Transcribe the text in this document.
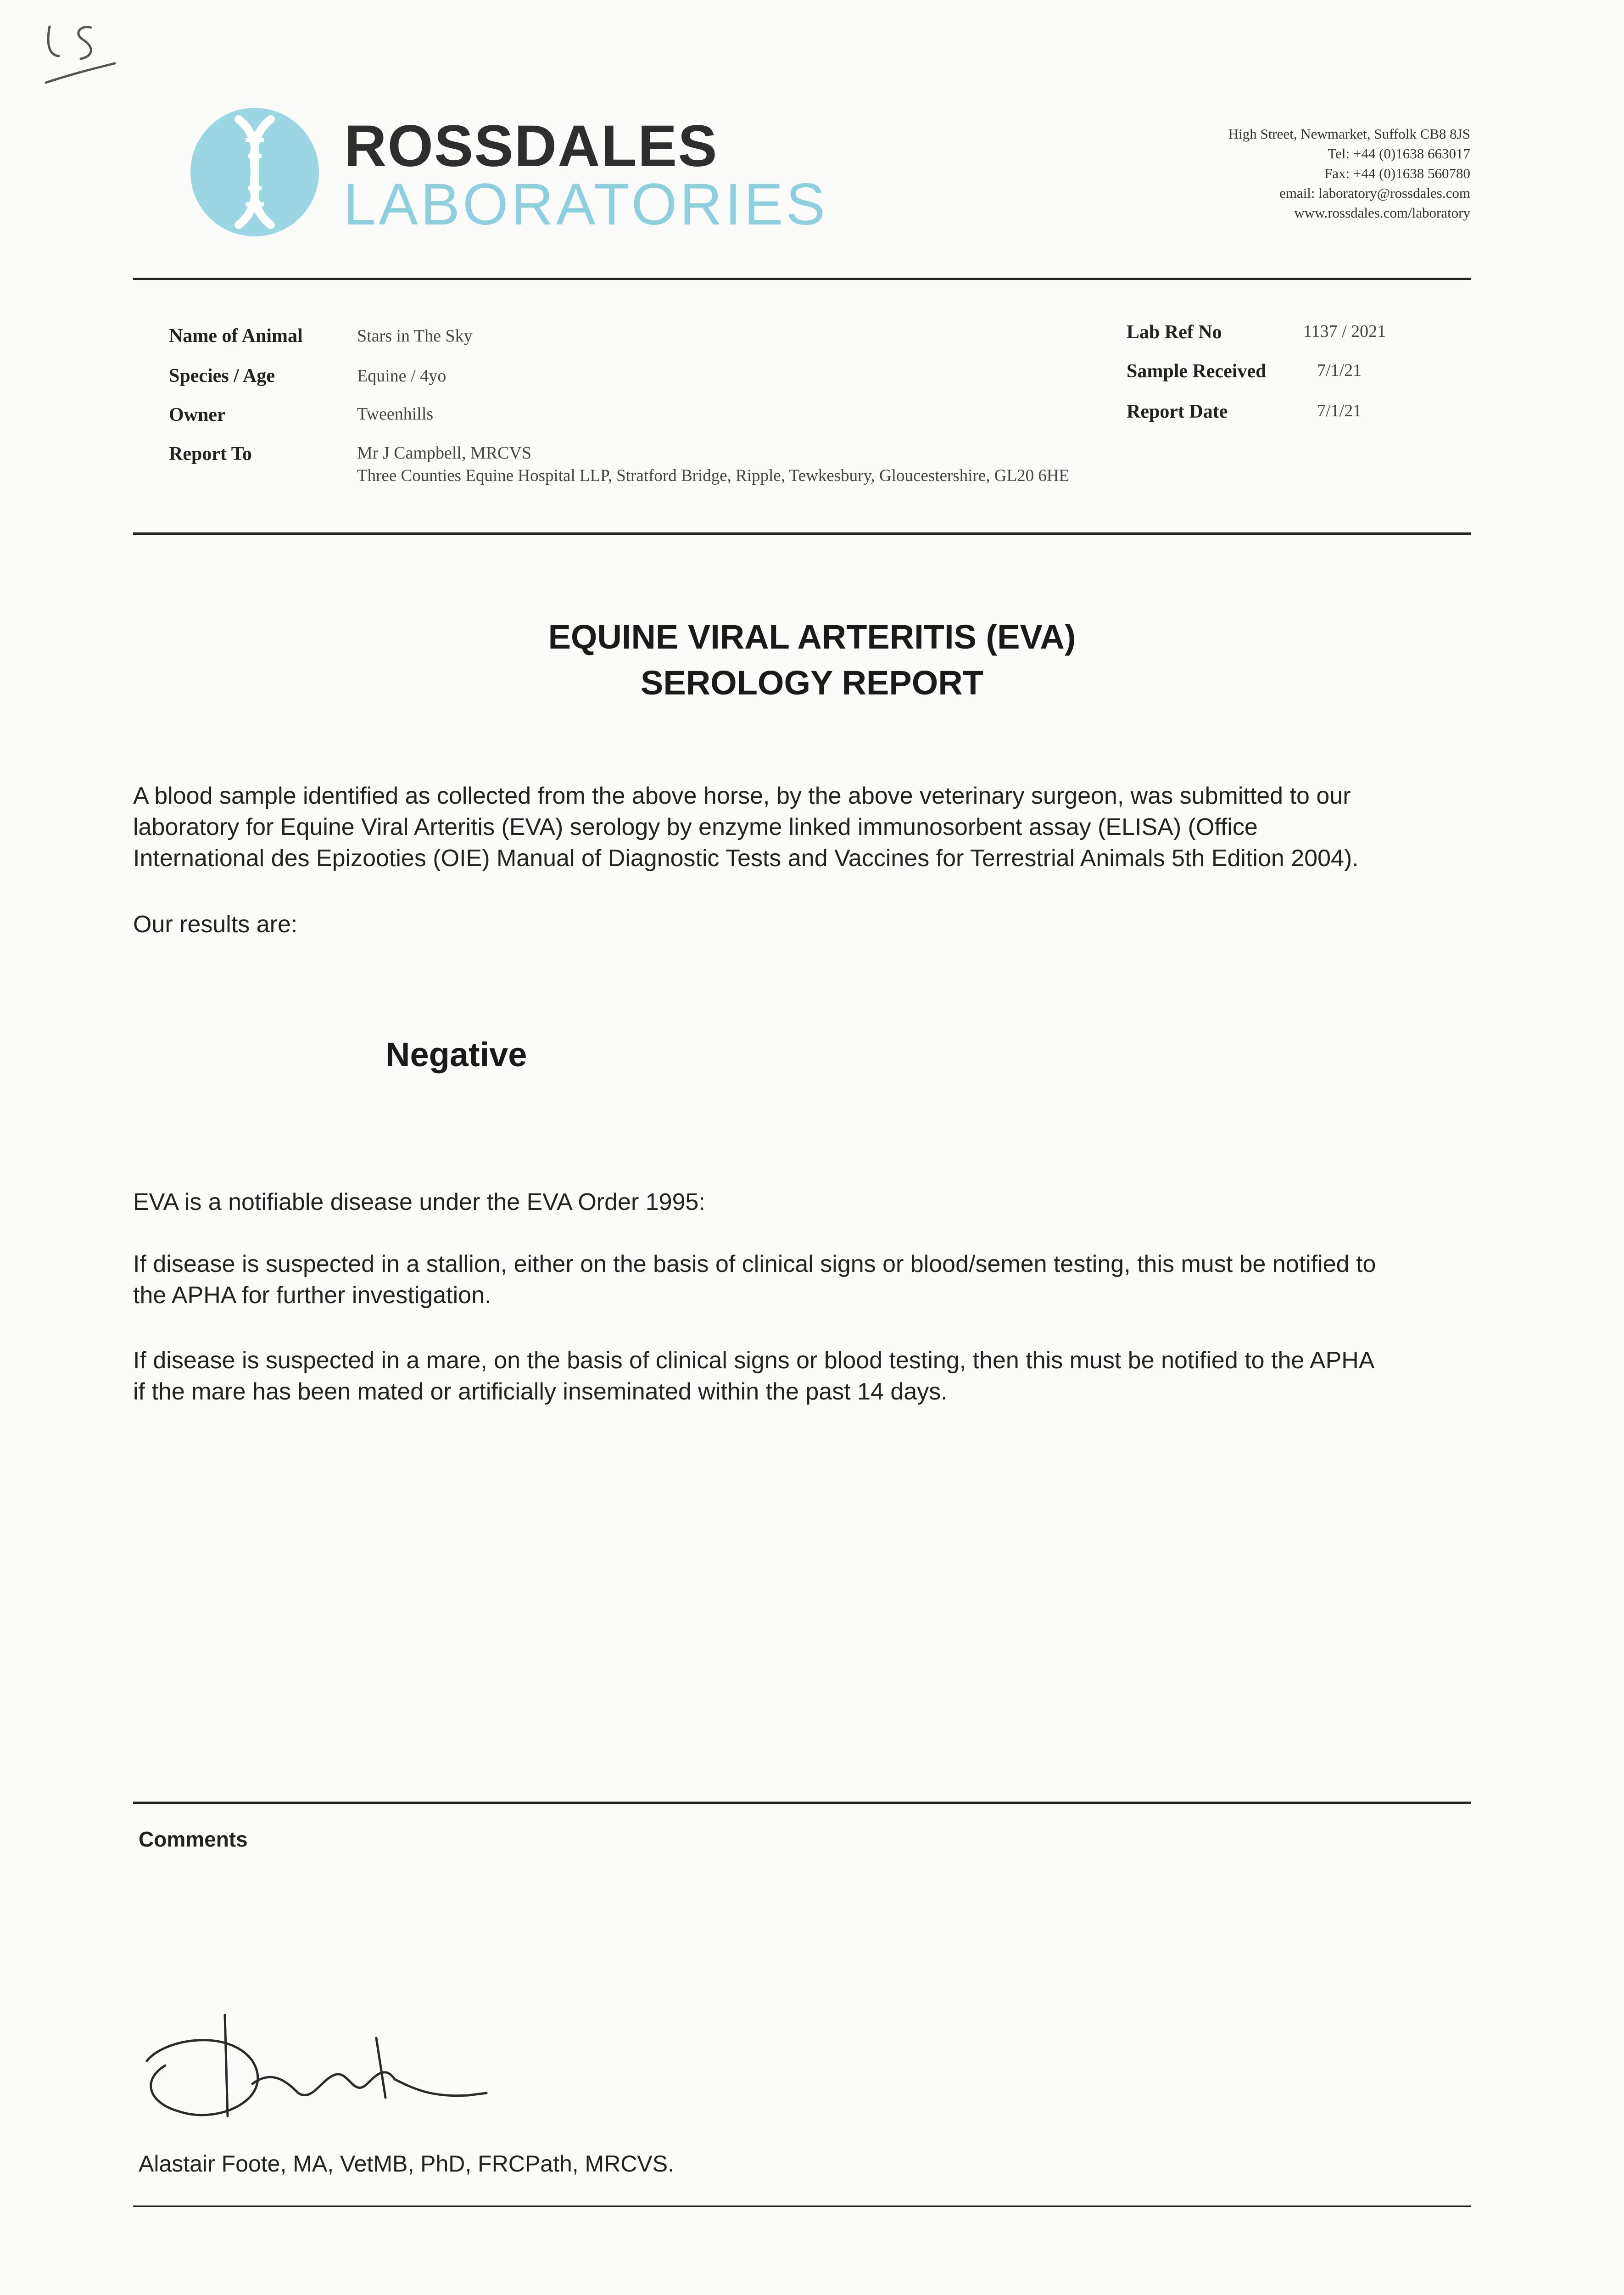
ROSSDALES
LABORATORIES
High Street, Newmarket, Suffolk CB8 8JS
Tel: +44 (0)1638 663017
Fax: +44 (0)1638 560780
email: laboratory@rossdales.com
www.rossdales.com/laboratory
Name of Animal	Stars in The Sky
Species / Age	Equine / 4yo
Owner	Tweenhills
Report To	Mr J Campbell, MRCVS
Three Counties Equine Hospital LLP, Stratford Bridge, Ripple, Tewkesbury, Gloucestershire, GL20 6HE
Lab Ref No	1137 / 2021
Sample Received	7/1/21
Report Date	7/1/21
EQUINE VIRAL ARTERITIS (EVA)
SEROLOGY REPORT
A blood sample identified as collected from the above horse, by the above veterinary surgeon, was submitted to our
laboratory for Equine Viral Arteritis (EVA) serology by enzyme linked immunosorbent assay (ELISA) (Office
International des Epizooties (OIE) Manual of Diagnostic Tests and Vaccines for Terrestrial Animals 5th Edition 2004).
Our results are:
Negative
EVA is a notifiable disease under the EVA Order 1995:
If disease is suspected in a stallion, either on the basis of clinical signs or blood/semen testing, this must be notified to
the APHA for further investigation.
If disease is suspected in a mare, on the basis of clinical signs or blood testing, then this must be notified to the APHA
if the mare has been mated or artificially inseminated within the past 14 days.
Comments
Alastair Foote, MA, VetMB, PhD, FRCPath, MRCVS.
